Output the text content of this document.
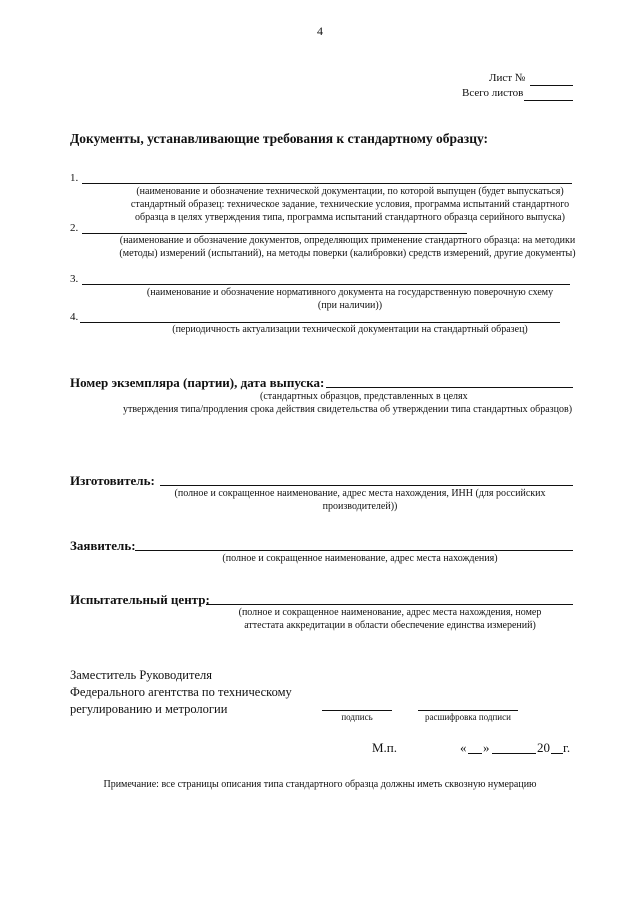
4
Лист №
Всего листов
Документы, устанавливающие требования к стандартному образцу:
1.
(наименование и обозначение технической документации, по которой выпущен (будет выпускаться)
стандартный образец: техническое задание, технические условия, программа испытаний стандартного
образца в целях утверждения типа, программа испытаний стандартного образца серийного выпуска)
2.
(наименование и обозначение документов, определяющих применение стандартного образца: на методики
(методы) измерений (испытаний), на методы поверки (калибровки) средств измерений, другие документы)
3.
(наименование и обозначение нормативного документа на государственную поверочную схему
(при наличии))
4.
(периодичность актуализации технической документации на стандартный образец)
Номер экземпляра (партии), дата выпуска:
(стандартных образцов, представленных в целях
утверждения типа/продления срока действия свидетельства об утверждении типа стандартных образцов)
Изготовитель:
(полное и сокращенное наименование, адрес места нахождения, ИНН (для российских
производителей))
Заявитель:
(полное и сокращенное наименование, адрес места нахождения)
Испытательный центр:
(полное и сокращенное наименование, адрес места нахождения, номер
аттестата аккредитации в области обеспечение единства измерений)
Заместитель Руководителя
Федерального агентства по техническому
регулированию и метрологии
подпись	расшифровка подписи
М.п.	« »	20 г.
Примечание: все страницы описания типа стандартного образца должны иметь сквозную нумерацию
